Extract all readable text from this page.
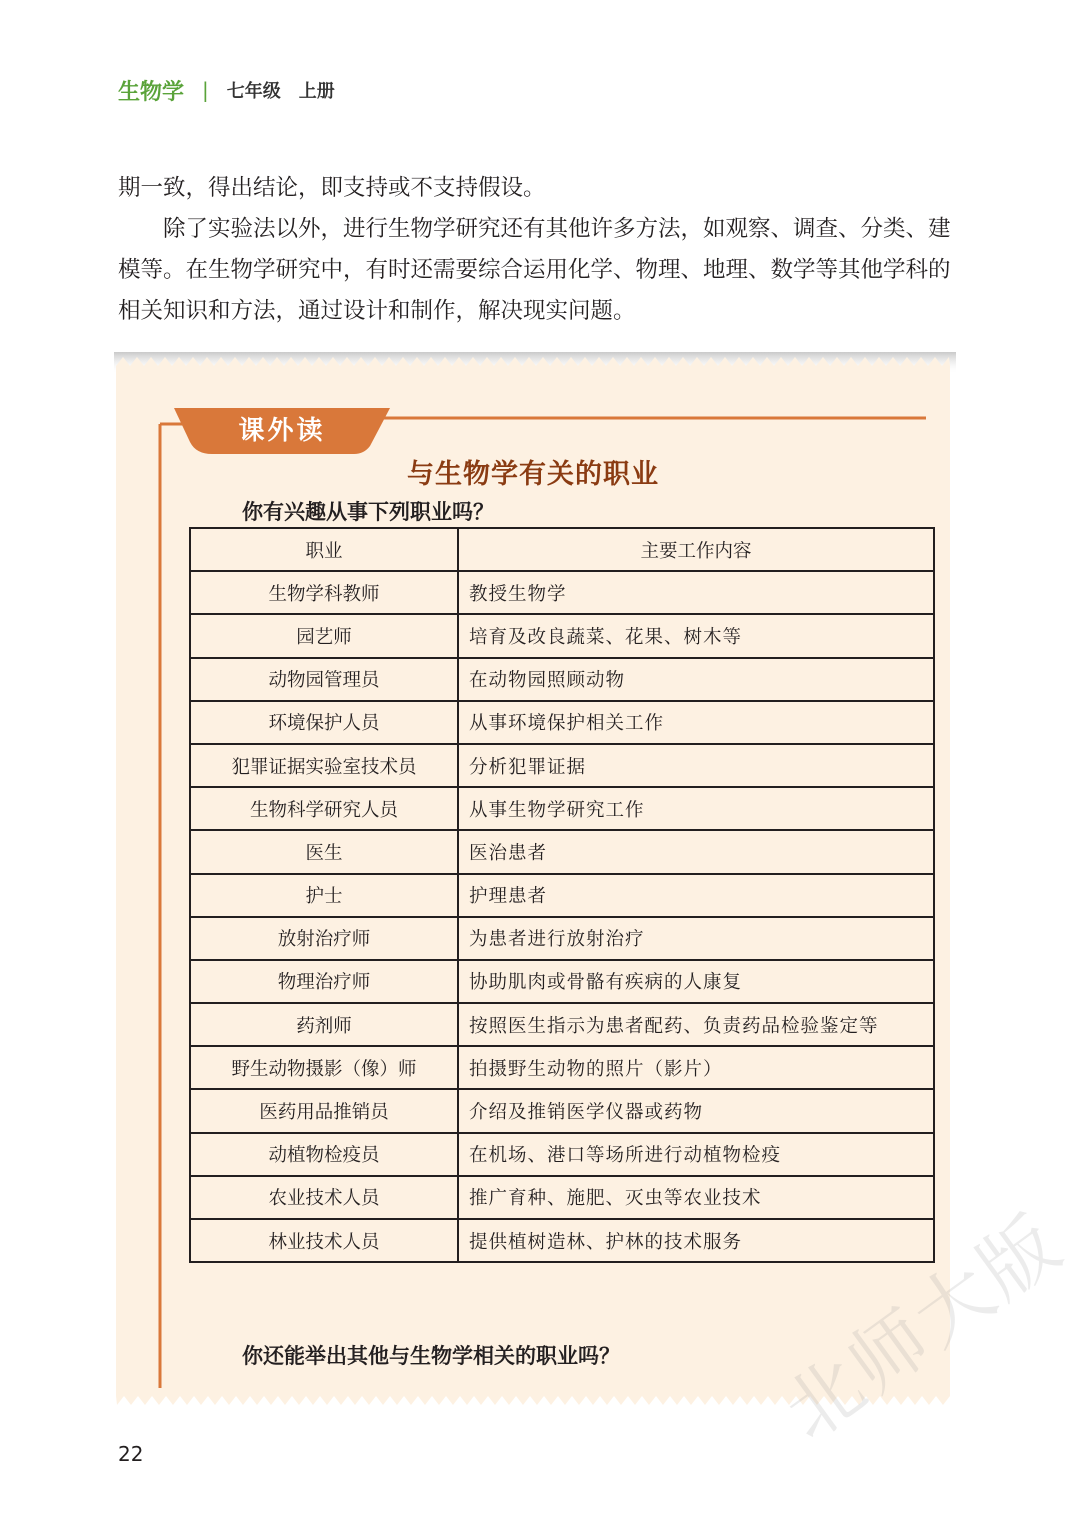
生物学 | 七年级 上册

期一致，得出结论，即支持或不支持假设。

除了实验法以外，进行生物学研究还有其他许多方法，如观察、调查、分类、建模等。在生物学研究中，有时还需要综合运用化学、物理、地理、数学等其他学科的相关知识和方法，通过设计和制作，解决现实问题。

课外读
与生物学有关的职业
你有兴趣从事下列职业吗？
职业	主要工作内容
生物学科教师	教授生物学
园艺师	培育及改良蔬菜、花果、树木等
动物园管理员	在动物园照顾动物
环境保护人员	从事环境保护相关工作
犯罪证据实验室技术员	分析犯罪证据
生物科学研究人员	从事生物学研究工作
医生	医治患者
护士	护理患者
放射治疗师	为患者进行放射治疗
物理治疗师	协助肌肉或骨骼有疾病的人康复
药剂师	按照医生指示为患者配药、负责药品检验鉴定等
野生动物摄影（像）师	拍摄野生动物的照片（影片）
医药用品推销员	介绍及推销医学仪器或药物
动植物检疫员	在机场、港口等场所进行动植物检疫
农业技术人员	推广育种、施肥、灭虫等农业技术
林业技术人员	提供植树造林、护林的技术服务
你还能举出其他与生物学相关的职业吗？
22	北师大版
